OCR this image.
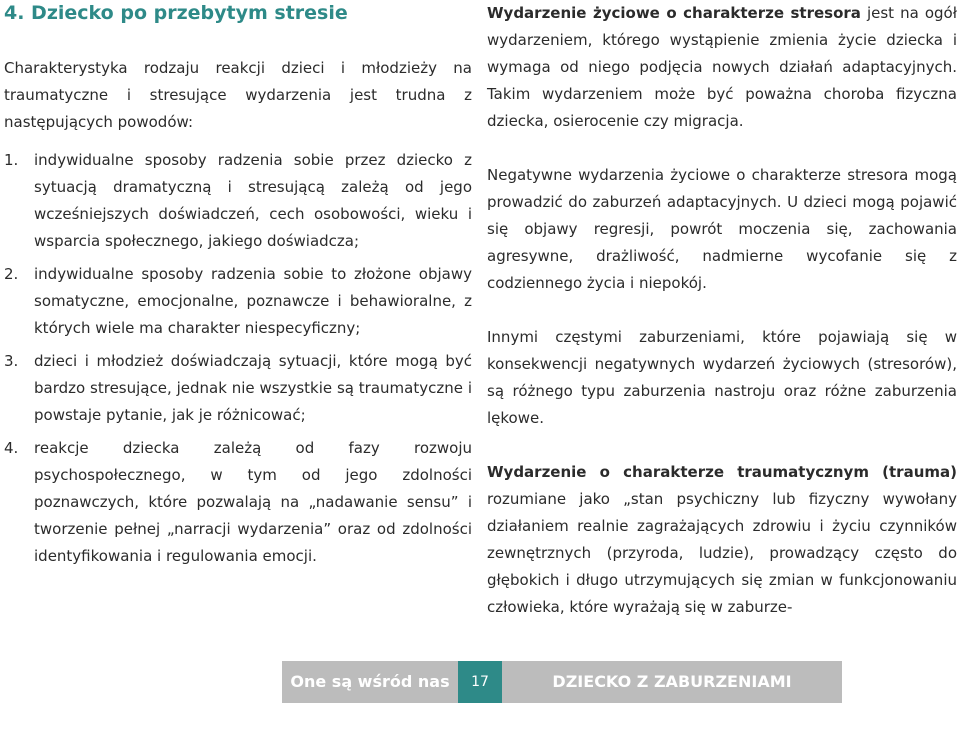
4. Dziecko po przebytym stresie

Charakterystyka rodzaju reakcji dzieci i młodzieży na traumatyczne i stresujące wydarzenia jest trudna z następujących powodów:

1. indywidualne sposoby radzenia sobie przez dziecko z sytuacją dramatyczną i stresującą zależą od jego wcześniejszych doświadczeń, cech osobowości, wieku i wsparcia społecznego, jakiego doświadcza;

2. indywidualne sposoby radzenia sobie to złożone objawy somatyczne, emocjonalne, poznawcze i behawioralne, z których wiele ma charakter niespecyficzny;

3. dzieci i młodzież doświadczają sytuacji, które mogą być bardzo stresujące, jednak nie wszystkie są traumatyczne i powstaje pytanie, jak je różnicować;

4. reakcje dziecka zależą od fazy rozwoju psychospołecznego, w tym od jego zdolności poznawczych, które pozwalają na „nadawanie sensu” i tworzenie pełnej „narracji wydarzenia” oraz od zdolności identyfikowania i regulowania emocji.

Wydarzenie życiowe o charakterze stresora jest na ogół wydarzeniem, którego wystąpienie zmienia życie dziecka i wymaga od niego podjęcia nowych działań adaptacyjnych. Takim wydarzeniem może być poważna choroba fizyczna dziecka, osierocenie czy migracja.

Negatywne wydarzenia życiowe o charakterze stresora mogą prowadzić do zaburzeń adaptacyjnych. U dzieci mogą pojawić się objawy regresji, powrót moczenia się, zachowania agresywne, drażliwość, nadmierne wycofanie się z codziennego życia i niepokój.

Innymi częstymi zaburzeniami, które pojawiają się w konsekwencji negatywnych wydarzeń życiowych (stresorów), są różnego typu zaburzenia nastroju oraz różne zaburzenia lękowe.

Wydarzenie o charakterze traumatycznym (trauma) rozumiane jako „stan psychiczny lub fizyczny wywołany działaniem realnie zagrażających zdrowiu i życiu czynników zewnętrznych (przyroda, ludzie), prowadzący często do głębokich i długo utrzymujących się zmian w funkcjonowaniu człowieka, które wyrażają się w zaburze-

One są wśród nas	17	DZIECKO Z ZABURZENIAMI LĘKOWYMI
